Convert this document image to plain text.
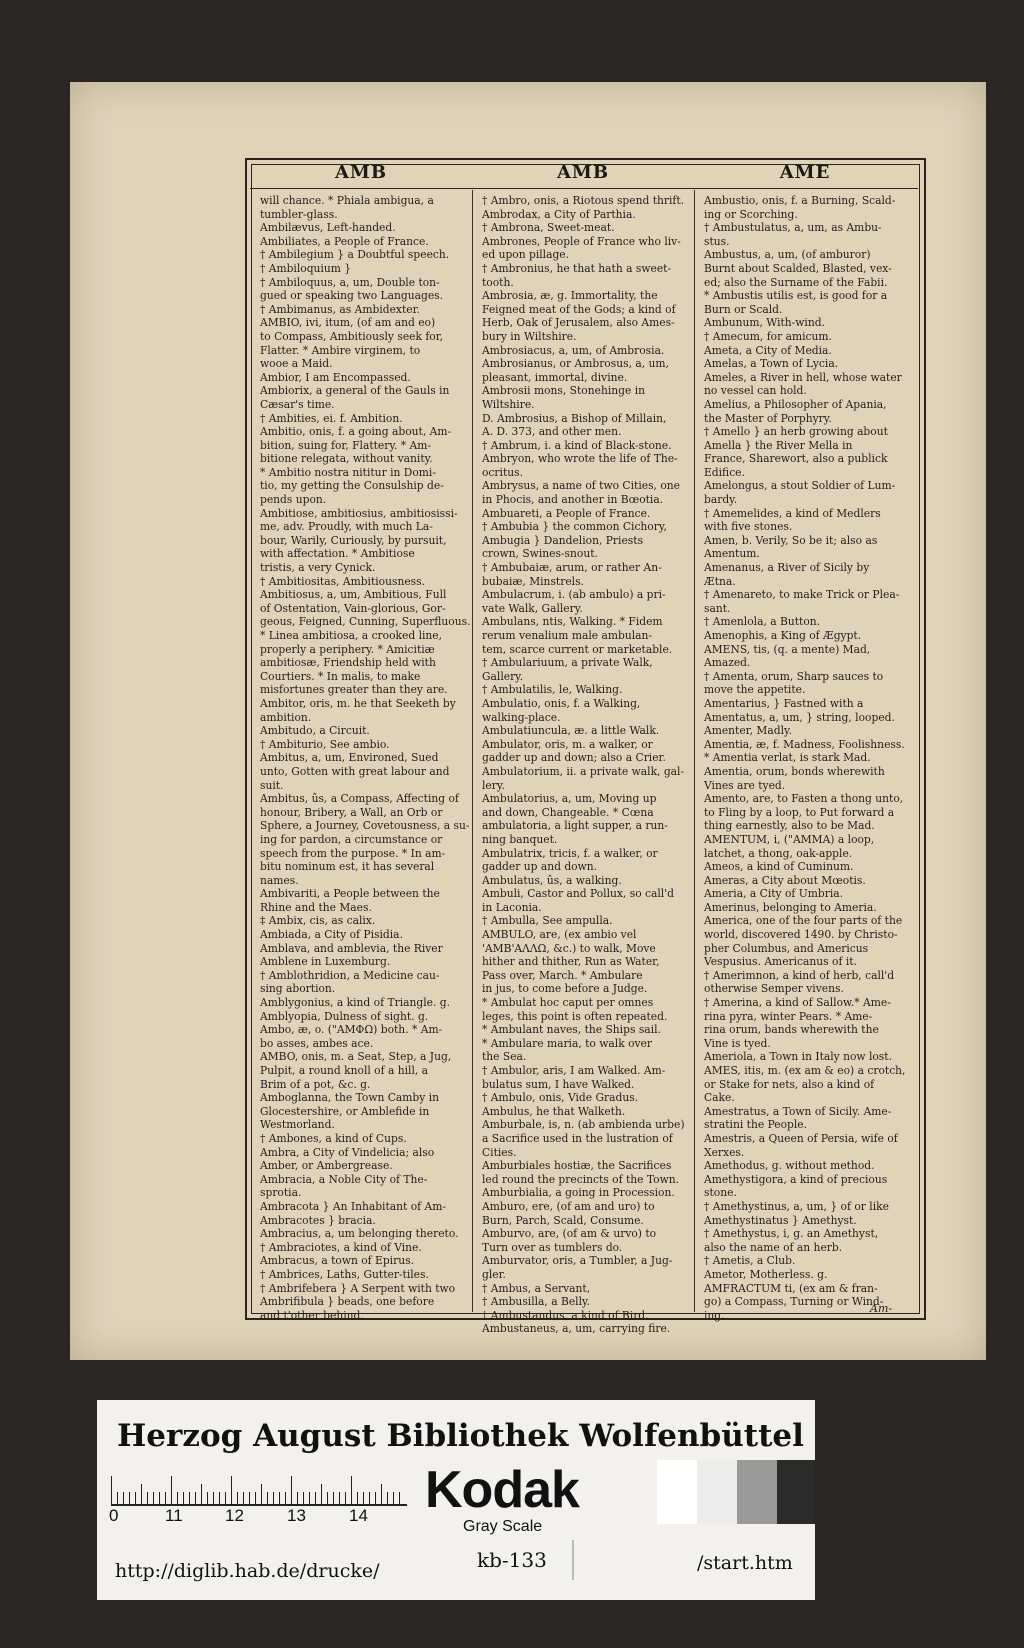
AMB	AMB	AME

will chance. * Phiala ambigua, a

tumbler-glass.

Ambilævus, Left-handed.

Ambiliates, a People of France.

† Ambilegium } a Doubtful speech.

† Ambiloquium }

† Ambiloquus, a, um, Double ton-

gued or speaking two Languages.

† Ambimanus, as Ambidexter.

AMBIO, ivi, itum, (of am and eo)

to Compass, Ambitiously seek for,

Flatter. * Ambire virginem, to

wooe a Maid.

Ambior, I am Encompassed.

Ambiorix, a general of the Gauls in

Cæsar's time.

† Ambities, ei. f. Ambition.

Ambitio, onis, f. a going about, Am-

bition, suing for, Flattery. * Am-

bitione relegata, without vanity.

* Ambitio nostra nititur in Domi-

tio, my getting the Consulship de-

pends upon.

Ambitiose, ambitiosius, ambitiosissi-

me, adv. Proudly, with much La-

bour, Warily, Curiously, by pursuit,

with affectation. * Ambitiose

tristis, a very Cynick.

† Ambitiositas, Ambitiousness.

Ambitiosus, a, um, Ambitious, Full

of Ostentation, Vain-glorious, Gor-

geous, Feigned, Cunning, Superfluous.

* Linea ambitiosa, a crooked line,

properly a periphery. * Amicitiæ

ambitiosæ, Friendship held with

Courtiers. * In malis, to make

misfortunes greater than they are.

Ambitor, oris, m. he that Seeketh by

ambition.

Ambitudo, a Circuit.

† Ambiturio, See ambio.

Ambitus, a, um, Environed, Sued

unto, Gotten with great labour and

suit.

Ambitus, ûs, a Compass, Affecting of

honour, Bribery, a Wall, an Orb or

Sphere, a Journey, Covetousness, a su-

ing for pardon, a circumstance or

speech from the purpose. * In am-

bitu nominum est, it has several

names.

Ambivariti, a People between the

Rhine and the Maes.

‡ Ambix, cis, as calix.

Ambiada, a City of Pisidia.

Amblava, and amblevia, the River

Amblene in Luxemburg.

† Amblothridion, a Medicine cau-

sing abortion.

Amblygonius, a kind of Triangle. g.

Amblyopia, Dulness of sight. g.

Ambo, æ, o. ("ΑΜΦΩ) both. * Am-

bo asses, ambes ace.

AMBO, onis, m. a Seat, Step, a Jug,

Pulpit, a round knoll of a hill, a

Brim of a pot, &c. g.

Amboglanna, the Town Camby in

Glocestershire, or Amblefide in

Westmorland.

† Ambones, a kind of Cups.

Ambra, a City of Vindelicia; also

Amber, or Ambergrease.

Ambracia, a Noble City of The-

sprotia.

Ambracota } An Inhabitant of Am-

Ambracotes } bracia.

Ambracius, a, um belonging thereto.

† Ambraciotes, a kind of Vine.

Ambracus, a town of Epirus.

† Ambrices, Laths, Gutter-tiles.

† Ambrifebera } A Serpent with two

Ambrifibula } beads, one before

and t'other behind.

† Ambro, onis, a Riotous spend thrift.

Ambrodax, a City of Parthia.

† Ambrona, Sweet-meat.

Ambrones, People of France who liv-

ed upon pillage.

† Ambronius, he that hath a sweet-

tooth.

Ambrosia, æ, g. Immortality, the

Feigned meat of the Gods; a kind of

Herb, Oak of Jerusalem, also Ames-

bury in Wiltshire.

Ambrosiacus, a, um, of Ambrosia.

Ambrosianus, or Ambrosus, a, um,

pleasant, immortal, divine.

Ambrosii mons, Stonehinge in

Wiltshire.

D. Ambrosius, a Bishop of Millain,

A. D. 373, and other men.

† Ambrum, i. a kind of Black-stone.

Ambryon, who wrote the life of The-

ocritus.

Ambrysus, a name of two Cities, one

in Phocis, and another in Bœotia.

Ambuareti, a People of France.

† Ambubia } the common Cichory,

Ambugia } Dandelion, Priests

crown, Swines-snout.

† Ambubaiæ, arum, or rather An-

bubaiæ, Minstrels.

Ambulacrum, i. (ab ambulo) a pri-

vate Walk, Gallery.

Ambulans, ntis, Walking. * Fidem

rerum venalium male ambulan-

tem, scarce current or marketable.

† Ambulariuum, a private Walk,

Gallery.

† Ambulatilis, le, Walking.

Ambulatio, onis, f. a Walking,

walking-place.

Ambulatiuncula, æ. a little Walk.

Ambulator, oris, m. a walker, or

gadder up and down; also a Crier.

Ambulatorium, ii. a private walk, gal-

lery.

Ambulatorius, a, um, Moving up

and down, Changeable. * Cœna

ambulatoria, a light supper, a run-

ning banquet.

Ambulatrix, tricis, f. a walker, or

gadder up and down.

Ambulatus, ûs, a walking.

Ambuli, Castor and Pollux, so call'd

in Laconia.

† Ambulla, See ampulla.

AMBULO, are, (ex ambio vel

'ΑΜΒ'ΑΛΛΩ, &c.) to walk, Move

hither and thither, Run as Water,

Pass over, March. * Ambulare

in jus, to come before a Judge.

* Ambulat hoc caput per omnes

leges, this point is often repeated.

* Ambulant naves, the Ships sail.

* Ambulare maria, to walk over

the Sea.

† Ambulor, aris, I am Walked. Am-

bulatus sum, I have Walked.

† Ambulo, onis, Vide Gradus.

Ambulus, he that Walketh.

Amburbale, is, n. (ab ambienda urbe)

a Sacrifice used in the lustration of

Cities.

Amburbiales hostiæ, the Sacrifices

led round the precincts of the Town.

Amburbialia, a going in Procession.

Amburo, ere, (of am and uro) to

Burn, Parch, Scald, Consume.

Amburvo, are, (of am & urvo) to

Turn over as tumblers do.

Amburvator, oris, a Tumbler, a Jug-

gler.

† Ambus, a Servant,

† Ambusilla, a Belly.

† Ambustandus, a kind of Bird.

Ambustaneus, a, um, carrying fire.

Ambustio, onis, f. a Burning, Scald-

ing or Scorching.

† Ambustulatus, a, um, as Ambu-

stus.

Ambustus, a, um, (of amburor)

Burnt about Scalded, Blasted, vex-

ed; also the Surname of the Fabii.

* Ambustis utilis est, is good for a

Burn or Scald.

Ambunum, With-wind.

† Amecum, for amicum.

Ameta, a City of Media.

Amelas, a Town of Lycia.

Ameles, a River in hell, whose water

no vessel can hold.

Amelius, a Philosopher of Apania,

the Master of Porphyry.

† Amello } an herb growing about

Amella } the River Mella in

France, Sharewort, also a publick

Edifice.

Amelongus, a stout Soldier of Lum-

bardy.

† Amemelides, a kind of Medlers

with five stones.

Amen, b. Verily, So be it; also as

Amentum.

Amenanus, a River of Sicily by

Ætna.

† Amenareto, to make Trick or Plea-

sant.

† Amenlola, a Button.

Amenophis, a King of Ægypt.

AMENS, tis, (q. a mente) Mad,

Amazed.

† Amenta, orum, Sharp sauces to

move the appetite.

Amentarius, } Fastned with a

Amentatus, a, um, } string, looped.

Amenter, Madly.

Amentia, æ, f. Madness, Foolishness.

* Amentia verlat, is stark Mad.

Amentia, orum, bonds wherewith

Vines are tyed.

Amento, are, to Fasten a thong unto,

to Fling by a loop, to Put forward a

thing earnestly, also to be Mad.

AMENTUM, i, ("AMMA) a loop,

latchet, a thong, oak-apple.

Ameos, a kind of Cuminum.

Ameras, a City about Mœotis.

Ameria, a City of Umbria.

Amerinus, belonging to Ameria.

America, one of the four parts of the

world, discovered 1490. by Christo-

pher Columbus, and Americus

Vespusius. Americanus of it.

† Amerimnon, a kind of herb, call'd

otherwise Semper vivens.

† Amerina, a kind of Sallow.* Ame-

rina pyra, winter Pears. * Ame-

rina orum, bands wherewith the

Vine is tyed.

Ameriola, a Town in Italy now lost.

AMES, itis, m. (ex am & eo) a crotch,

or Stake for nets, also a kind of

Cake.

Amestratus, a Town of Sicily. Ame-

stratini the People.

Amestris, a Queen of Persia, wife of

Xerxes.

Amethodus, g. without method.

Amethystigora, a kind of precious

stone.

† Amethystinus, a, um, } of or like

Amethystinatus } Amethyst.

† Amethystus, i, g. an Amethyst,

also the name of an herb.

† Ametis, a Club.

Ametor, Motherless. g.

AMFRACTUM ti, (ex am & fran-

go) a Compass, Turning or Wind-

ing.

Am-
Herzog August Bibliothek Wolfenbüttel
0	11 12	13	14 Kodak
Gray Scale
http://diglib.hab.de/drucke/	kb-133	/start.htm
